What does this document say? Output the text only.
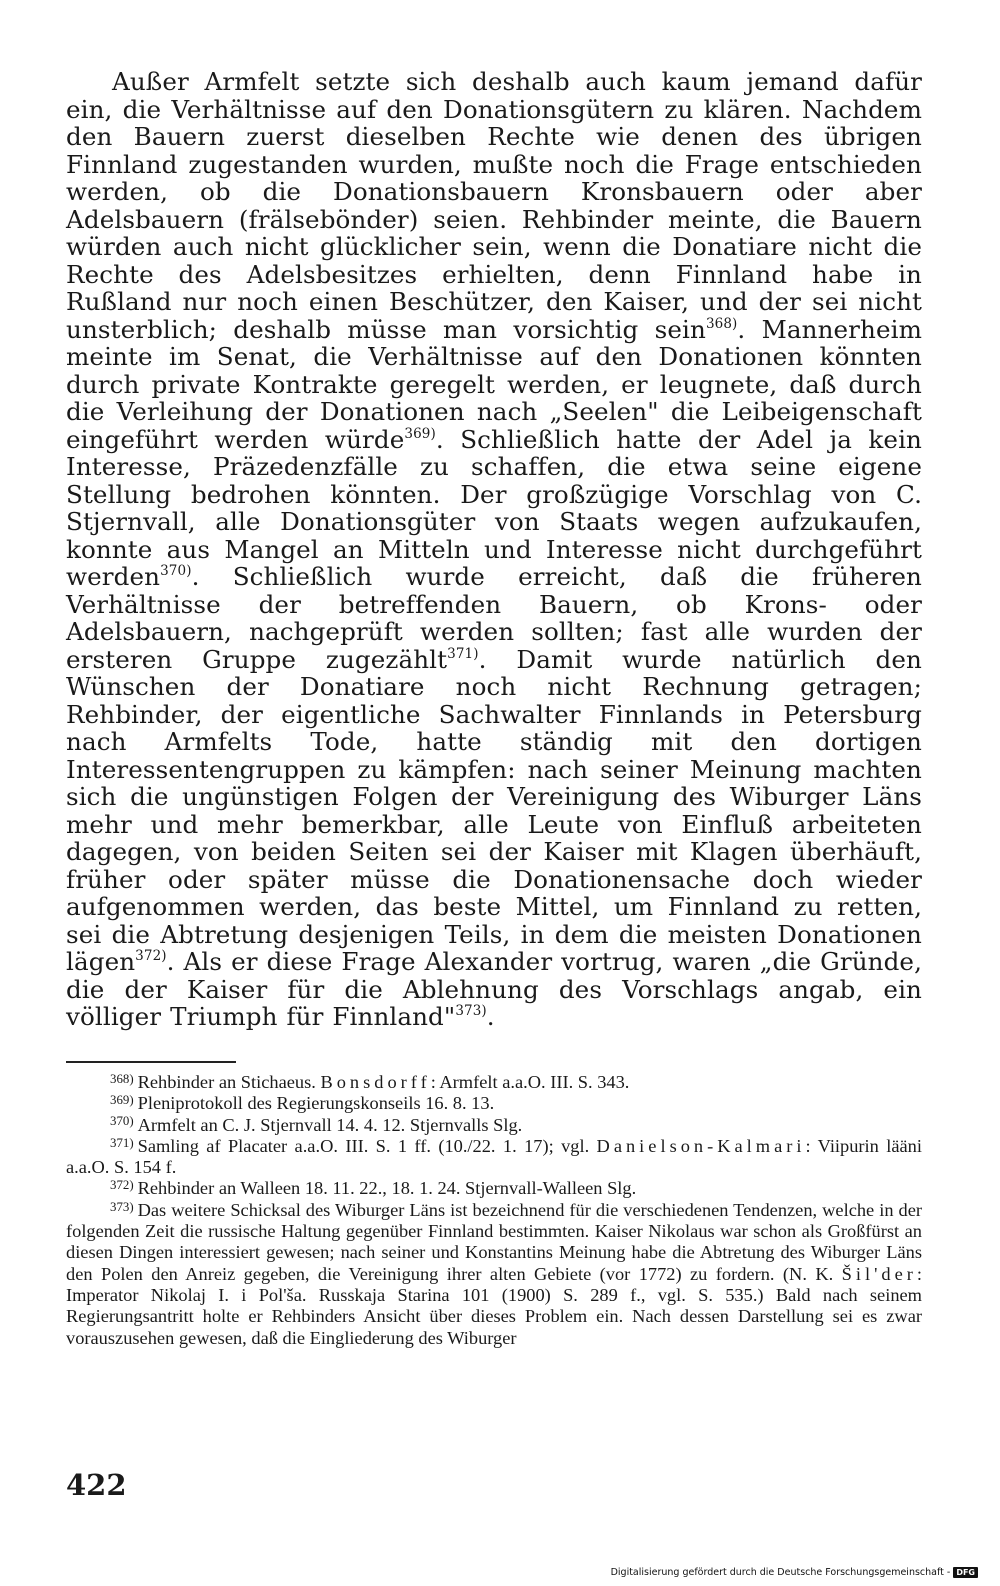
Außer Armfelt setzte sich deshalb auch kaum jemand dafür ein, die Verhältnisse auf den Donationsgütern zu klären. Nachdem den Bauern zuerst dieselben Rechte wie denen des übrigen Finnland zugestanden wurden, mußte noch die Frage entschieden werden, ob die Donationsbauern Kronsbauern oder aber Adelsbauern (frälsebönder) seien. Rehbinder meinte, die Bauern würden auch nicht glücklicher sein, wenn die Donatiare nicht die Rechte des Adelsbesitzes erhielten, denn Finnland habe in Rußland nur noch einen Beschützer, den Kaiser, und der sei nicht unsterblich; deshalb müsse man vorsichtig sein$^{368)}$. Mannerheim meinte im Senat, die Verhältnisse auf den Donationen könnten durch private Kontrakte geregelt werden, er leugnete, daß durch die Verleihung der Donationen nach „Seelen" die Leibeigenschaft eingeführt werden würde$^{369)}$. Schließlich hatte der Adel ja kein Interesse, Präzedenzfälle zu schaffen, die etwa seine eigene Stellung bedrohen könnten. Der großzügige Vorschlag von C. Stjernvall, alle Donationsgüter von Staats wegen aufzukaufen, konnte aus Mangel an Mitteln und Interesse nicht durchgeführt werden$^{370)}$. Schließlich wurde erreicht, daß die früheren Verhältnisse der betreffenden Bauern, ob Krons- oder Adelsbauern, nachgeprüft werden sollten; fast alle wurden der ersteren Gruppe zugezählt$^{371)}$. Damit wurde natürlich den Wünschen der Donatiare noch nicht Rechnung getragen; Rehbinder, der eigentliche Sachwalter Finnlands in Petersburg nach Armfelts Tode, hatte ständig mit den dortigen Interessentengruppen zu kämpfen: nach seiner Meinung machten sich die ungünstigen Folgen der Vereinigung des Wiburger Läns mehr und mehr bemerkbar, alle Leute von Einfluß arbeiteten dagegen, von beiden Seiten sei der Kaiser mit Klagen überhäuft, früher oder später müsse die Donationensache doch wieder aufgenommen werden, das beste Mittel, um Finnland zu retten, sei die Abtretung desjenigen Teils, in dem die meisten Donationen lägen$^{372)}$. Als er diese Frage Alexander vortrug, waren „die Gründe, die der Kaiser für die Ablehnung des Vorschlags angab, ein völliger Triumph für Finnland"$^{373)}$.

$^{368)}$ Rehbinder an Stichaeus. Bonsdorff: Armfelt a.a.O. III. S. 343.

$^{369)}$ Pleniprotokoll des Regierungskonseils 16. 8. 13.

$^{370)}$ Armfelt an C. J. Stjernvall 14. 4. 12. Stjernvalls Slg.

$^{371)}$ Samling af Placater a.a.O. III. S. 1 ff. (10./22. 1. 17); vgl. Danielson-Kalmari: Viipurin lääni a.a.O. S. 154 f.

$^{372)}$ Rehbinder an Walleen 18. 11. 22., 18. 1. 24. Stjernvall-Walleen Slg.

$^{373)}$ Das weitere Schicksal des Wiburger Läns ist bezeichnend für die verschiedenen Tendenzen, welche in der folgenden Zeit die russische Haltung gegenüber Finnland bestimmten. Kaiser Nikolaus war schon als Großfürst an diesen Dingen interessiert gewesen; nach seiner und Konstantins Meinung habe die Abtretung des Wiburger Läns den Polen den Anreiz gegeben, die Vereinigung ihrer alten Gebiete (vor 1772) zu fordern. (N. K. Šil'der: Imperator Nikolaj I. i Pol'ša. Russkaja Starina 101 (1900) S. 289 f., vgl. S. 535.) Bald nach seinem Regierungsantritt holte er Rehbinders Ansicht über dieses Problem ein. Nach dessen Darstellung sei es zwar vorauszusehen gewesen, daß die Eingliederung des Wiburger

422
Digitalisierung gefördert durch die Deutsche Forschungsgemeinschaft - DFG
